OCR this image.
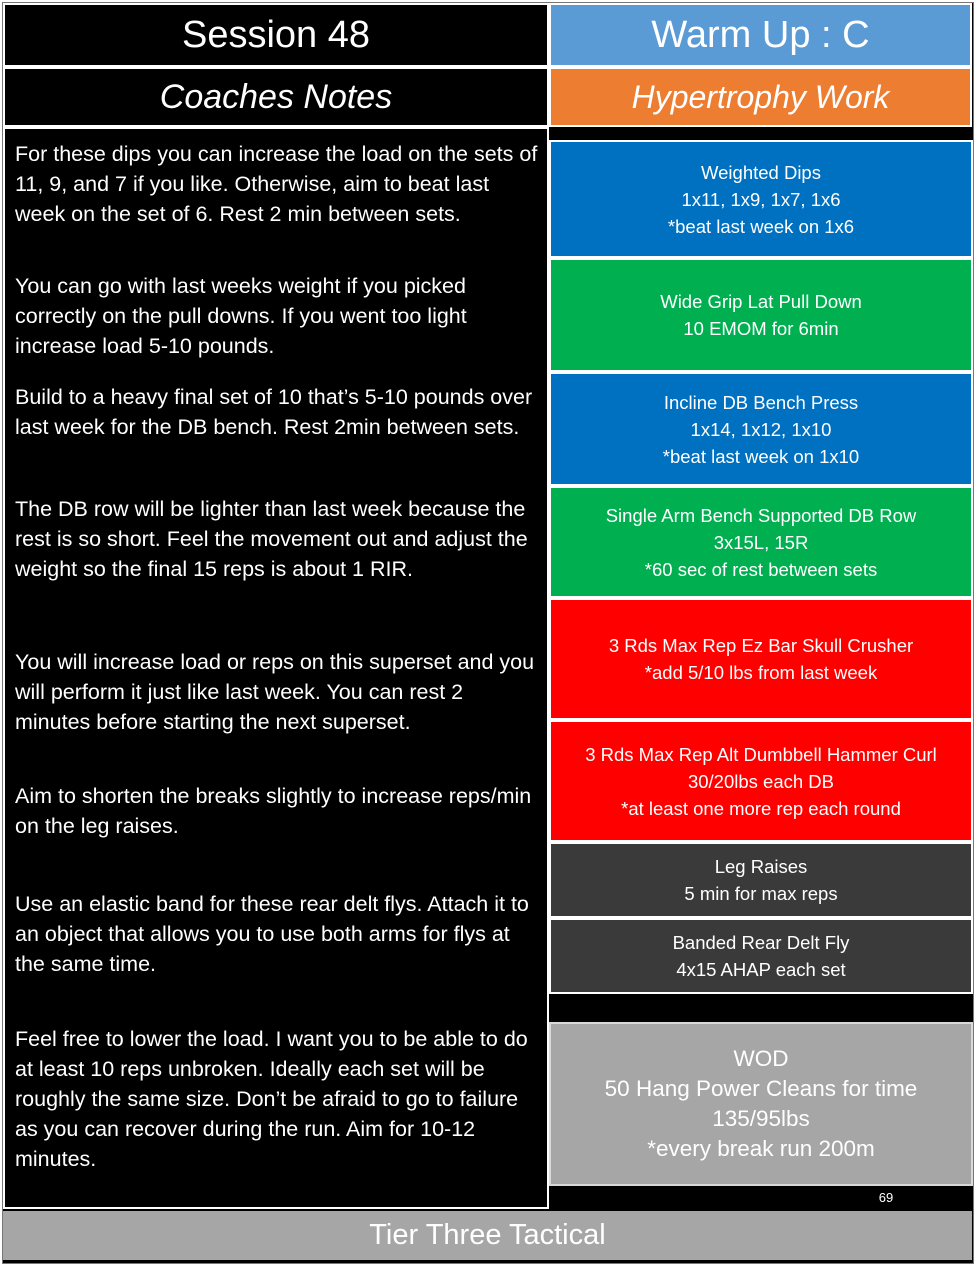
Session 48	Warm Up : C
Coaches Notes	Hypertrophy Work

For these dips you can increase the load on the sets of 11, 9, and 7 if you like. Otherwise, aim to beat last week on the set of 6. Rest 2 min between sets.

You can go with last weeks weight if you picked correctly on the pull downs. If you went too light increase load 5-10 pounds.

Build to a heavy final set of 10 that’s 5-10 pounds over last week for the DB bench. Rest 2min between sets.

The DB row will be lighter than last week because the rest is so short. Feel the movement out and adjust the weight so the final 15 reps is about 1 RIR.

You will increase load or reps on this superset and you will perform it just like last week. You can rest 2 minutes before starting the next superset.

Aim to shorten the breaks slightly to increase reps/min on the leg raises.

Use an elastic band for these rear delt flys. Attach it to an object that allows you to use both arms for flys at the same time.

Feel free to lower the load. I want you to be able to do at least 10 reps unbroken. Ideally each set will be roughly the same size. Don’t be afraid to go to failure as you can recover during the run. Aim for 10-12 minutes.

Weighted Dips
1x11, 1x9, 1x7, 1x6
*beat last week on 1x6
Wide Grip Lat Pull Down
10 EMOM for 6min
Incline DB Bench Press
1x14, 1x12, 1x10
*beat last week on 1x10
Single Arm Bench Supported DB Row
3x15L, 15R
*60 sec of rest between sets
3 Rds Max Rep Ez Bar Skull Crusher
*add 5/10 lbs from last week
3 Rds Max Rep Alt Dumbbell Hammer Curl
30/20lbs each DB
*at least one more rep each round
Leg Raises
5 min for max reps
Banded Rear Delt Fly
4x15 AHAP each set
WOD
50 Hang Power Cleans for time
135/95lbs
*every break run 200m
69
Tier Three Tactical
